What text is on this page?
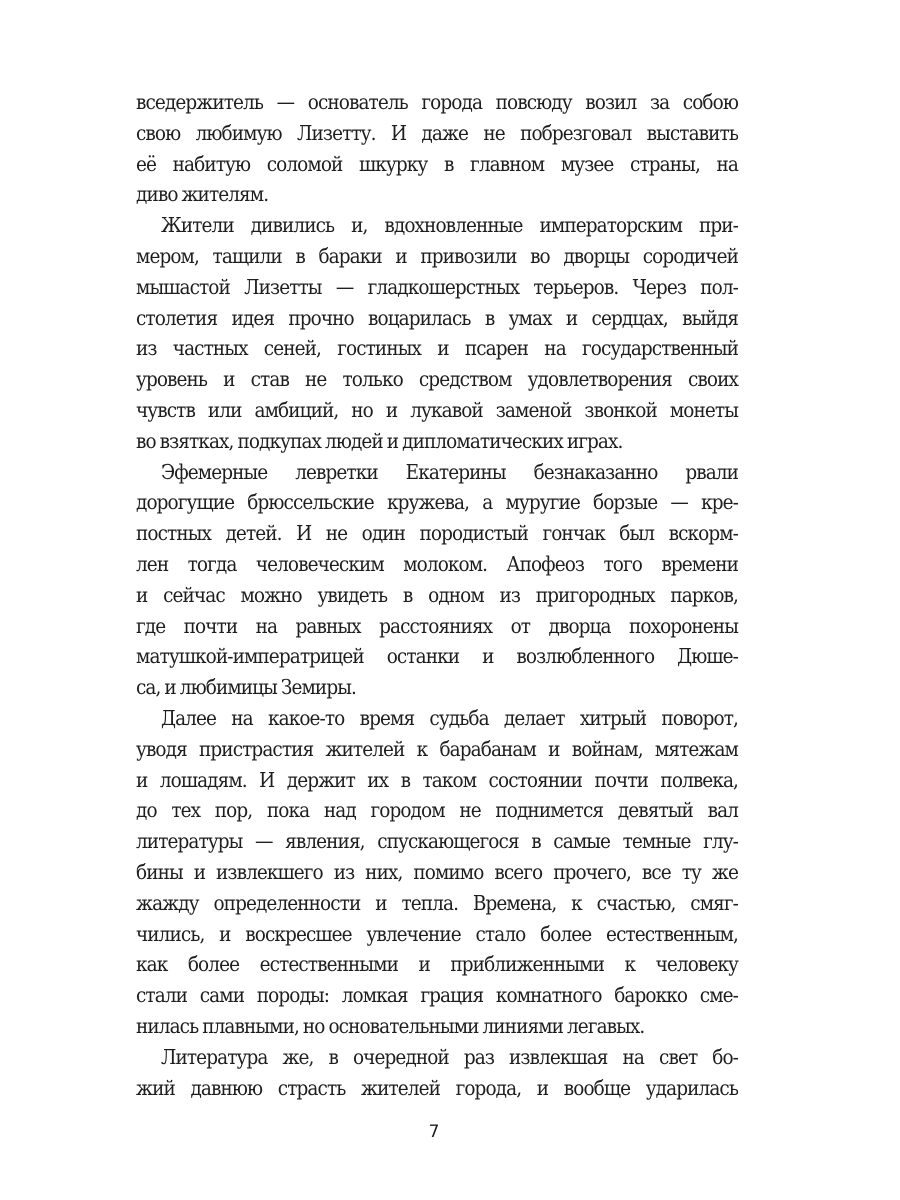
вседержитель — основатель города повсюду возил за собою
свою любимую Лизетту. И даже не побрезговал выставить
её набитую соломой шкурку в главном музее страны, на
диво жителям.
Жители дивились и, вдохновленные императорским при-
мером, тащили в бараки и привозили во дворцы сородичей
мышастой Лизетты — гладкошерстных терьеров. Через пол-
столетия идея прочно воцарилась в умах и сердцах, выйдя
из частных сеней, гостиных и псарен на государственный
уровень и став не только средством удовлетворения своих
чувств или амбиций, но и лукавой заменой звонкой монеты
во взятках, подкупах людей и дипломатических играх.
Эфемерные левретки Екатерины безнаказанно рвали
дорогущие брюссельские кружева, а муругие борзые — кре-
постных детей. И не один породистый гончак был вскорм-
лен тогда человеческим молоком. Апофеоз того времени
и сейчас можно увидеть в одном из пригородных парков,
где почти на равных расстояниях от дворца похоронены
матушкой-императрицей останки и возлюбленного Дюше-
са, и любимицы Земиры.
Далее на какое-то время судьба делает хитрый поворот,
уводя пристрастия жителей к барабанам и войнам, мятежам
и лошадям. И держит их в таком состоянии почти полвека,
до тех пор, пока над городом не поднимется девятый вал
литературы — явления, спускающегося в самые темные глу-
бины и извлекшего из них, помимо всего прочего, все ту же
жажду определенности и тепла. Времена, к счастью, смяг-
чились, и воскресшее увлечение стало более естественным,
как более естественными и приближенными к человеку
стали сами породы: ломкая грация комнатного барокко сме-
нилась плавными, но основательными линиями легавых.
Литература же, в очередной раз извлекшая на свет бо-
жий давнюю страсть жителей города, и вообще ударилась
7
